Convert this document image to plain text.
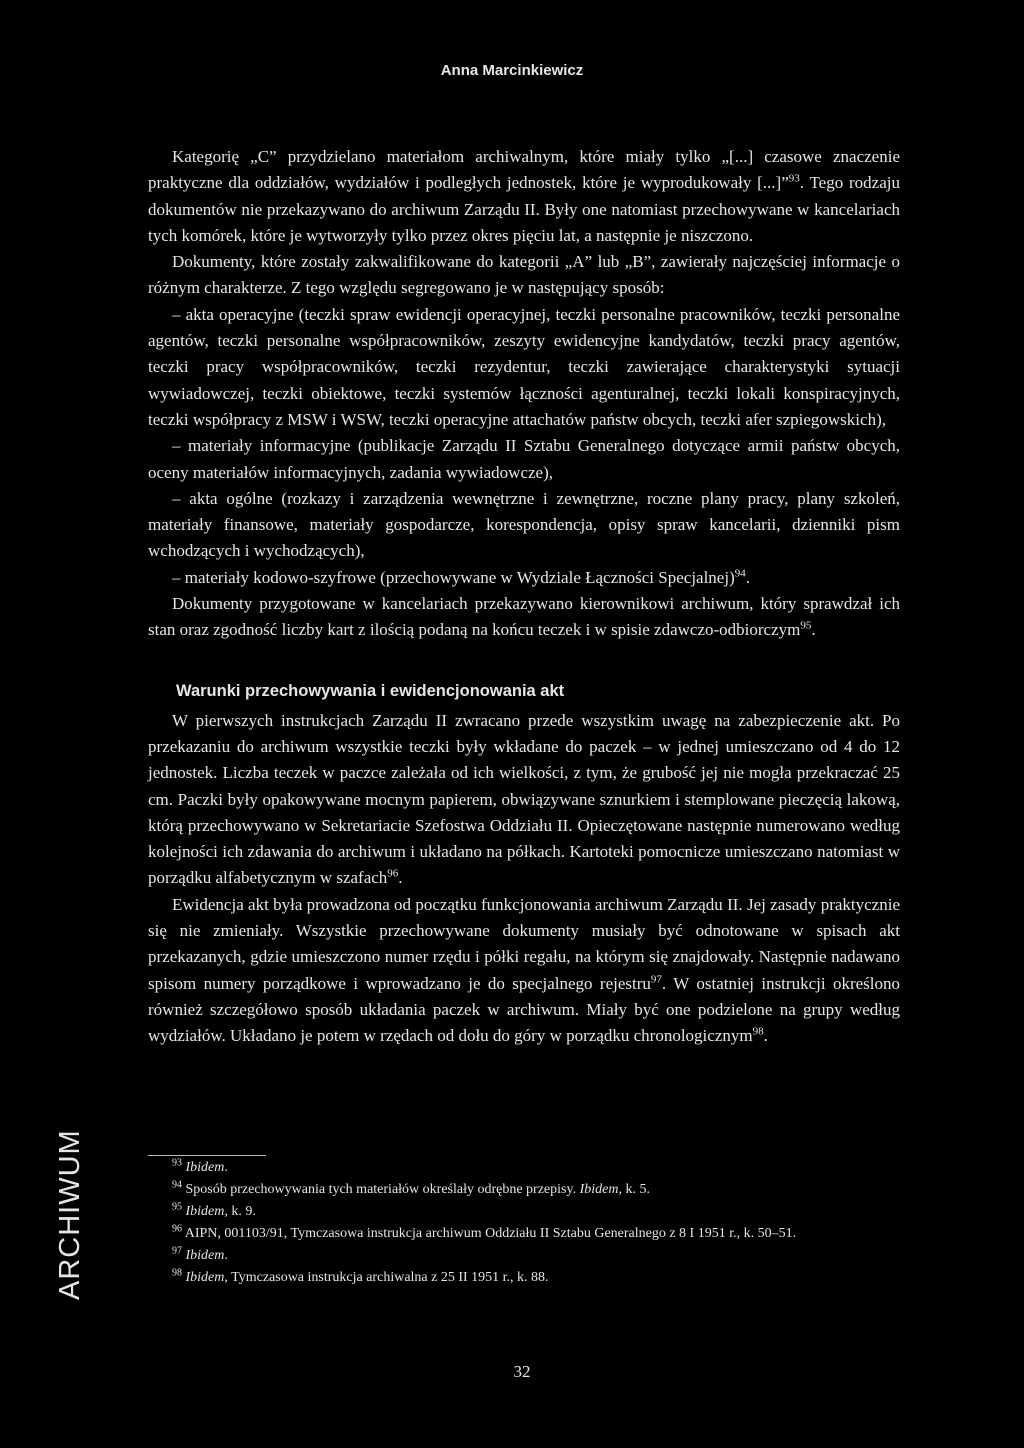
Anna Marcinkiewicz

Kategorię „C” przydzielano materiałom archiwalnym, które miały tylko „[...] czasowe znaczenie praktyczne dla oddziałów, wydziałów i podległych jednostek, które je wyprodukowały [...]”$^{93}$. Tego rodzaju dokumentów nie przekazywano do archiwum Zarządu II. Były one natomiast przechowywane w kancelariach tych komórek, które je wytworzyły tylko przez okres pięciu lat, a następnie je niszczono.

Dokumenty, które zostały zakwalifikowane do kategorii „A” lub „B”, zawierały najczęściej informacje o różnym charakterze. Z tego względu segregowano je w następujący sposób:

– akta operacyjne (teczki spraw ewidencji operacyjnej, teczki personalne pracowników, teczki personalne agentów, teczki personalne współpracowników, zeszyty ewidencyjne kandydatów, teczki pracy agentów, teczki pracy współpracowników, teczki rezydentur, teczki zawierające charakterystyki sytuacji wywiadowczej, teczki obiektowe, teczki systemów łączności agenturalnej, teczki lokali konspiracyjnych, teczki współpracy z MSW i WSW, teczki operacyjne attachatów państw obcych, teczki afer szpiegowskich),

– materiały informacyjne (publikacje Zarządu II Sztabu Generalnego dotyczące armii państw obcych, oceny materiałów informacyjnych, zadania wywiadowcze),

– akta ogólne (rozkazy i zarządzenia wewnętrzne i zewnętrzne, roczne plany pracy, plany szkoleń, materiały finansowe, materiały gospodarcze, korespondencja, opisy spraw kancelarii, dzienniki pism wchodzących i wychodzących),

– materiały kodowo-szyfrowe (przechowywane w Wydziale Łączności Specjalnej)$^{94}$.

Dokumenty przygotowane w kancelariach przekazywano kierownikowi archiwum, który sprawdzał ich stan oraz zgodność liczby kart z ilością podaną na końcu teczek i w spisie zdawczo-odbiorczym$^{95}$.

Warunki przechowywania i ewidencjonowania akt

W pierwszych instrukcjach Zarządu II zwracano przede wszystkim uwagę na zabezpieczenie akt. Po przekazaniu do archiwum wszystkie teczki były wkładane do paczek – w jednej umieszczano od 4 do 12 jednostek. Liczba teczek w paczce zależała od ich wielkości, z tym, że grubość jej nie mogła przekraczać 25 cm. Paczki były opakowywane mocnym papierem, obwiązywane sznurkiem i stemplowane pieczęcią lakową, którą przechowywano w Sekretariacie Szefostwa Oddziału II. Opieczętowane następnie numerowano według kolejności ich zdawania do archiwum i układano na półkach. Kartoteki pomocnicze umieszczano natomiast w porządku alfabetycznym w szafach$^{96}$.

Ewidencja akt była prowadzona od początku funkcjonowania archiwum Zarządu II. Jej zasady praktycznie się nie zmieniały. Wszystkie przechowywane dokumenty musiały być odnotowane w spisach akt przekazanych, gdzie umieszczono numer rzędu i półki regału, na którym się znajdowały. Następnie nadawano spisom numery porządkowe i wprowadzano je do specjalnego rejestru$^{97}$. W ostatniej instrukcji określono również szczegółowo sposób układania paczek w archiwum. Miały być one podzielone na grupy według wydziałów. Układano je potem w rzędach od dołu do góry w porządku chronologicznym$^{98}$.

$^{93}$ Ibidem.

$^{94}$ Sposób przechowywania tych materiałów określały odrębne przepisy. Ibidem, k. 5.

$^{95}$ Ibidem, k. 9.

$^{96}$ AIPN, 001103/91, Tymczasowa instrukcja archiwum Oddziału II Sztabu Generalnego z 8 I 1951 r., k. 50–51.

$^{97}$ Ibidem.

$^{98}$ Ibidem, Tymczasowa instrukcja archiwalna z 25 II 1951 r., k. 88.

32
ARCHIWUM
